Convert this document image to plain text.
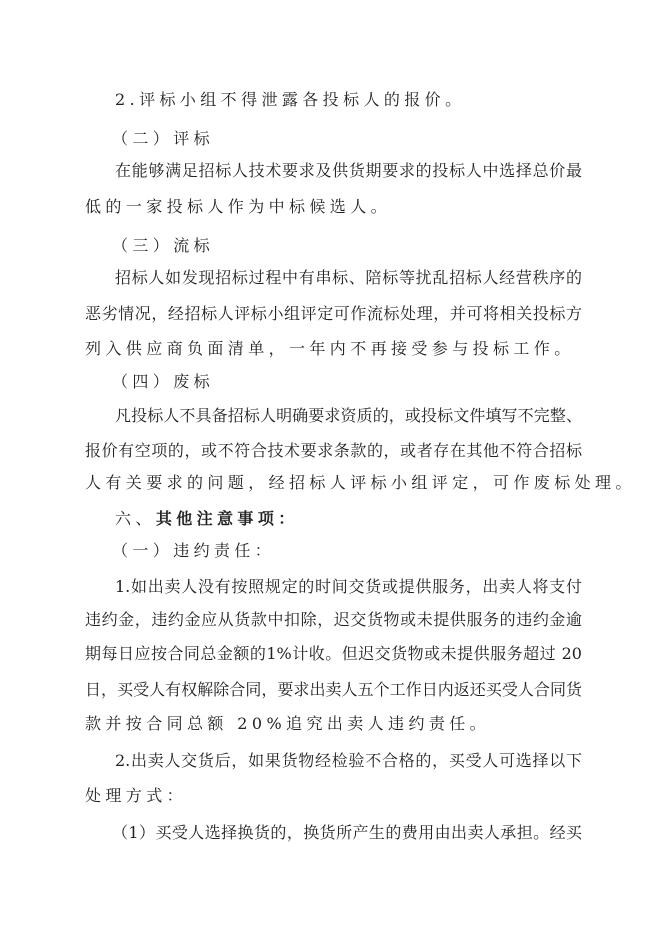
2.评标小组不得泄露各投标人的报价。
（二）评标
在能够满足招标人技术要求及供货期要求的投标人中选择总价最
低的一家投标人作为中标候选人。
（三）流标
招标人如发现招标过程中有串标、陪标等扰乱招标人经营秩序的
恶劣情况，经招标人评标小组评定可作流标处理，并可将相关投标方
列入供应商负面清单，一年内不再接受参与投标工作。
（四）废标
凡投标人不具备招标人明确要求资质的，或投标文件填写不完整、
报价有空项的，或不符合技术要求条款的，或者存在其他不符合招标
人有关要求的问题，经招标人评标小组评定，可作废标处理。
六、其他注意事项：
（一）违约责任：
1.如出卖人没有按照规定的时间交货或提供服务，出卖人将支付
违约金，违约金应从货款中扣除，迟交货物或未提供服务的违约金逾
期每日应按合同总金额的1%计收。但迟交货物或未提供服务超过 20
日，买受人有权解除合同，要求出卖人五个工作日内返还买受人合同货
款并按合同总额 20%追究出卖人违约责任。
2.出卖人交货后，如果货物经检验不合格的，买受人可选择以下
处理方式：
（1）买受人选择换货的，换货所产生的费用由出卖人承担。经买
